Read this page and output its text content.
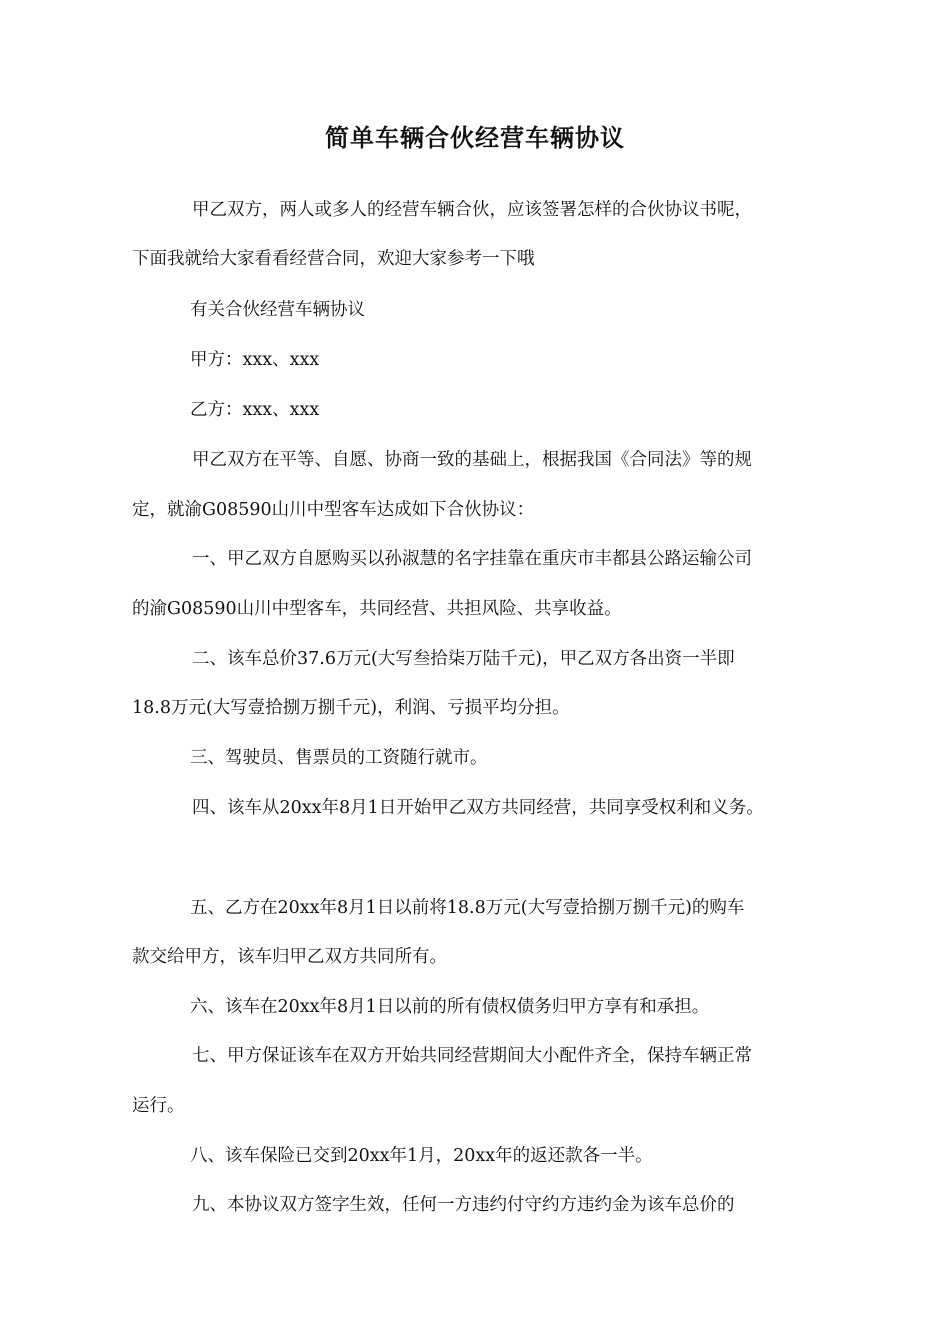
简单车辆合伙经营车辆协议
甲乙双方，两人或多人的经营车辆合伙，应该签署怎样的合伙协议书呢，
下面我就给大家看看经营合同，欢迎大家参考一下哦
有关合伙经营车辆协议
甲方：xxx、xxx
乙方：xxx、xxx
甲乙双方在平等、自愿、协商一致的基础上，根据我国《合同法》等的规
定，就渝G08590山川中型客车达成如下合伙协议：
一、甲乙双方自愿购买以孙淑慧的名字挂靠在重庆市丰都县公路运输公司
的渝G08590山川中型客车，共同经营、共担风险、共享收益。
二、该车总价37.6万元(大写叁拾柒万陆千元)，甲乙双方各出资一半即
18.8万元(大写壹拾捌万捌千元)，利润、亏损平均分担。
三、驾驶员、售票员的工资随行就市。
四、该车从20xx年8月1日开始甲乙双方共同经营，共同享受权利和义务。
五、乙方在20xx年8月1日以前将18.8万元(大写壹拾捌万捌千元)的购车
款交给甲方，该车归甲乙双方共同所有。
六、该车在20xx年8月1日以前的所有债权债务归甲方享有和承担。
七、甲方保证该车在双方开始共同经营期间大小配件齐全，保持车辆正常
运行。
八、该车保险已交到20xx年1月，20xx年的返还款各一半。
九、本协议双方签字生效，任何一方违约付守约方违约金为该车总价的
